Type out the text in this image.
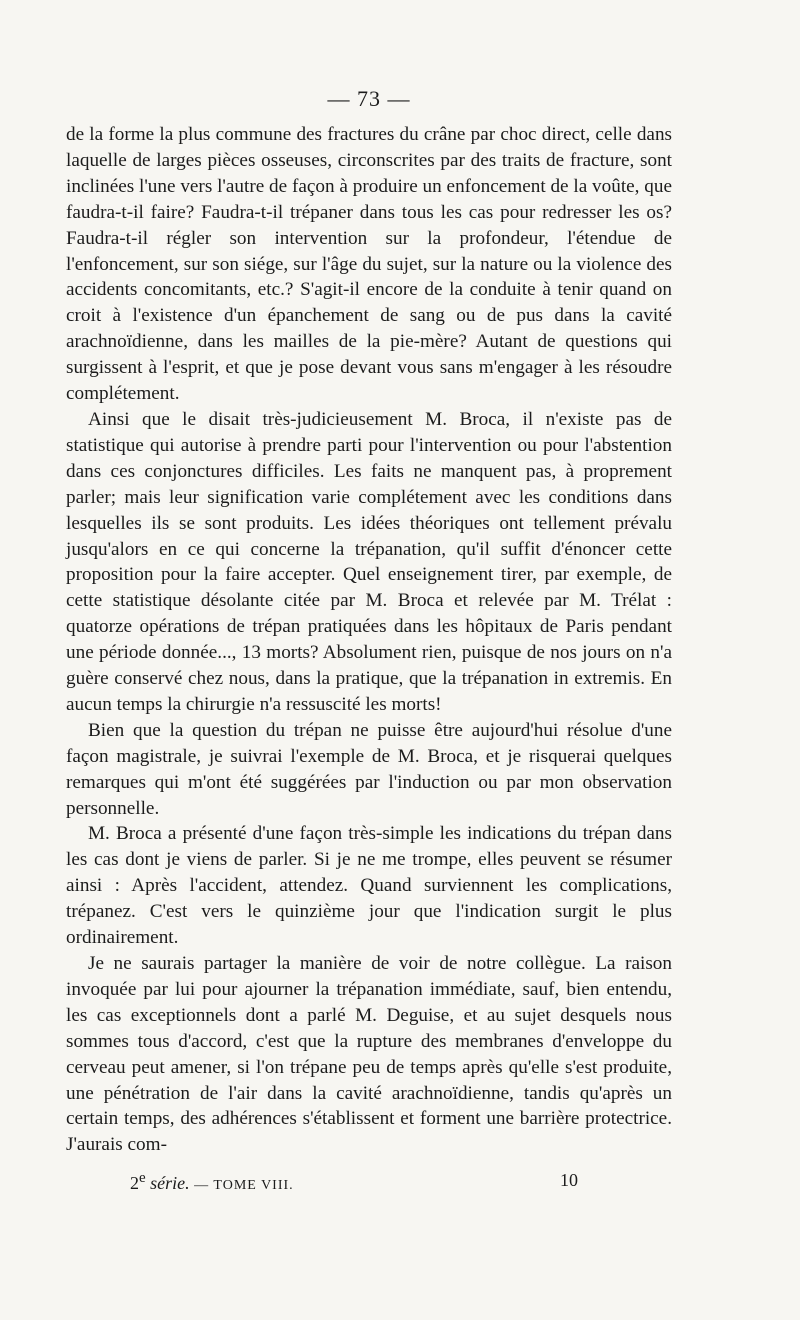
— 73 —

de la forme la plus commune des fractures du crâne par choc direct, celle dans laquelle de larges pièces osseuses, circonscrites par des traits de fracture, sont inclinées l'une vers l'autre de façon à produire un enfoncement de la voûte, que faudra-t-il faire? Faudra-t-il trépaner dans tous les cas pour redresser les os? Faudra-t-il régler son intervention sur la profondeur, l'étendue de l'enfoncement, sur son siége, sur l'âge du sujet, sur la nature ou la violence des accidents concomitants, etc.? S'agit-il encore de la conduite à tenir quand on croit à l'existence d'un épanchement de sang ou de pus dans la cavité arachnoïdienne, dans les mailles de la pie-mère? Autant de questions qui surgissent à l'esprit, et que je pose devant vous sans m'engager à les résoudre complétement.

Ainsi que le disait très-judicieusement M. Broca, il n'existe pas de statistique qui autorise à prendre parti pour l'intervention ou pour l'abstention dans ces conjonctures difficiles. Les faits ne manquent pas, à proprement parler; mais leur signification varie complétement avec les conditions dans lesquelles ils se sont produits. Les idées théoriques ont tellement prévalu jusqu'alors en ce qui concerne la trépanation, qu'il suffit d'énoncer cette proposition pour la faire accepter. Quel enseignement tirer, par exemple, de cette statistique désolante citée par M. Broca et relevée par M. Trélat : quatorze opérations de trépan pratiquées dans les hôpitaux de Paris pendant une période donnée..., 13 morts? Absolument rien, puisque de nos jours on n'a guère conservé chez nous, dans la pratique, que la trépanation in extremis. En aucun temps la chirurgie n'a ressuscité les morts!

Bien que la question du trépan ne puisse être aujourd'hui résolue d'une façon magistrale, je suivrai l'exemple de M. Broca, et je risquerai quelques remarques qui m'ont été suggérées par l'induction ou par mon observation personnelle.

M. Broca a présenté d'une façon très-simple les indications du trépan dans les cas dont je viens de parler. Si je ne me trompe, elles peuvent se résumer ainsi : Après l'accident, attendez. Quand surviennent les complications, trépanez. C'est vers le quinzième jour que l'indication surgit le plus ordinairement.

Je ne saurais partager la manière de voir de notre collègue. La raison invoquée par lui pour ajourner la trépanation immédiate, sauf, bien entendu, les cas exceptionnels dont a parlé M. Deguise, et au sujet desquels nous sommes tous d'accord, c'est que la rupture des membranes d'enveloppe du cerveau peut amener, si l'on trépane peu de temps après qu'elle s'est produite, une pénétration de l'air dans la cavité arachnoïdienne, tandis qu'après un certain temps, des adhérences s'établissent et forment une barrière protectrice. J'aurais com-

2e série. — TOME VIII.	10
